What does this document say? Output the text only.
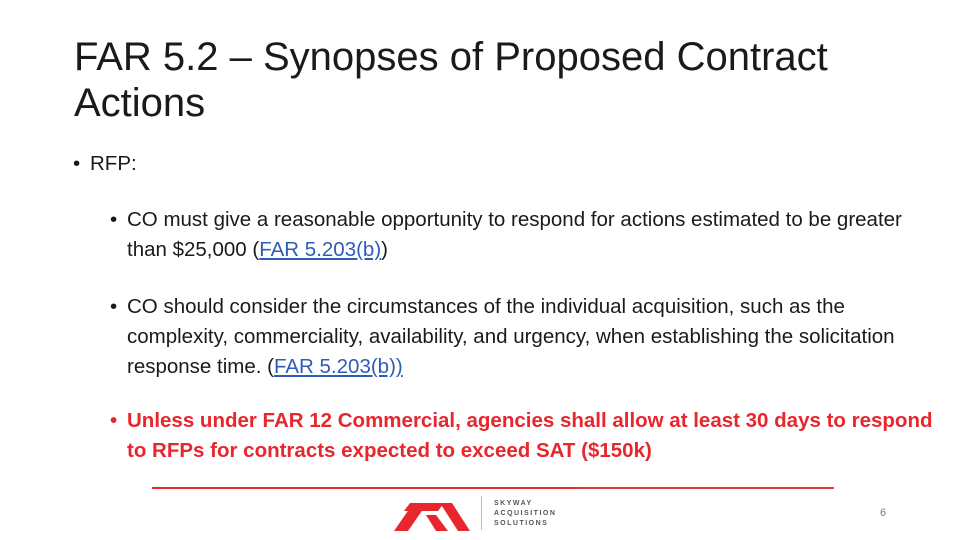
FAR 5.2 – Synopses of Proposed Contract Actions
• RFP:
• CO must give a reasonable opportunity to respond for actions estimated to be greater than $25,000 (FAR 5.203(b))
• CO should consider the circumstances of the individual acquisition, such as the complexity, commerciality, availability, and urgency, when establishing the solicitation response time. (FAR 5.203(b))
• Unless under FAR 12 Commercial, agencies shall allow at least 30 days to respond to RFPs for contracts expected to exceed SAT ($150k)
SKYWAY
ACQUISITION
SOLUTIONS
6
